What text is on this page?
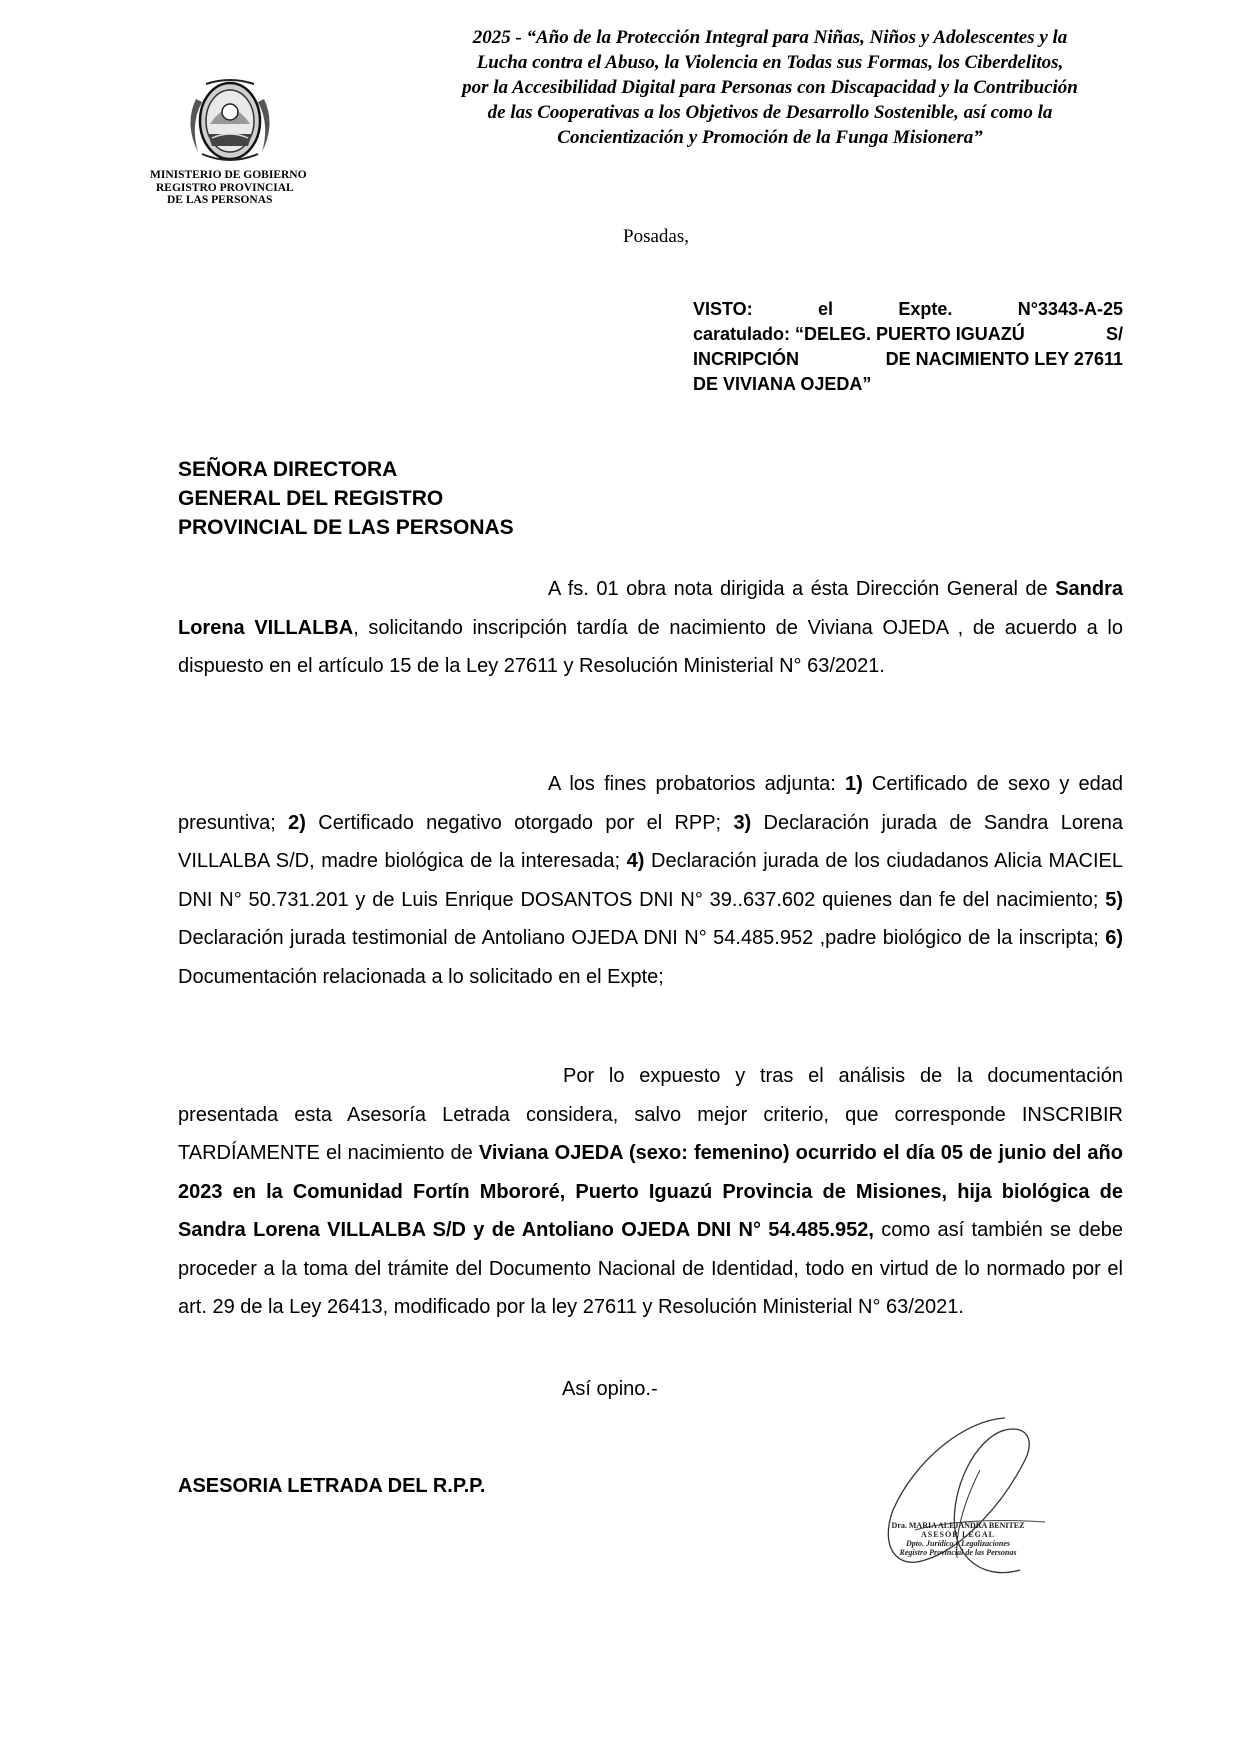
MINISTERIO DE GOBIERNO
REGISTRO PROVINCIAL
DE LAS PERSONAS
2025 - “Año de la Protección Integral para Niñas, Niños y Adolescentes y la
Lucha contra el Abuso, la Violencia en Todas sus Formas, los Ciberdelitos,
por la Accesibilidad Digital para Personas con Discapacidad y la Contribución
de las Cooperativas a los Objetivos de Desarrollo Sostenible, así como la
Concientización y Promoción de la Funga Misionera”
Posadas,
VISTO:	el	Expte.	N°3343-A-25
caratulado: “DELEG. PUERTO IGUAZÚ	S/
INCRIPCIÓN	DE NACIMIENTO LEY 27611
DE VIVIANA OJEDA”
SEÑORA DIRECTORA
GENERAL DEL REGISTRO
PROVINCIAL DE LAS PERSONAS
A fs. 01 obra nota dirigida a ésta Dirección General de Sandra Lorena VILLALBA, solicitando inscripción tardía de nacimiento de Viviana OJEDA , de acuerdo a lo dispuesto en el artículo 15 de la Ley 27611 y Resolución Ministerial N° 63/2021.
A los fines probatorios adjunta: 1) Certificado de sexo y edad presuntiva; 2) Certificado negativo otorgado por el RPP; 3) Declaración jurada de Sandra Lorena VILLALBA S/D, madre biológica de la interesada; 4) Declaración jurada de los ciudadanos Alicia MACIEL DNI N° 50.731.201 y de Luis Enrique DOSANTOS DNI N° 39..637.602 quienes dan fe del nacimiento; 5) Declaración jurada testimonial de Antoliano OJEDA DNI N° 54.485.952 ,padre biológico de la inscripta; 6) Documentación relacionada a lo solicitado en el Expte;
Por lo expuesto y tras el análisis de la documentación presentada esta Asesoría Letrada considera, salvo mejor criterio, que corresponde INSCRIBIR TARDÍAMENTE el nacimiento de Viviana OJEDA (sexo: femenino) ocurrido el día 05 de junio del año 2023 en la Comunidad Fortín Mbororé, Puerto Iguazú Provincia de Misiones, hija biológica de Sandra Lorena VILLALBA S/D y de Antoliano OJEDA DNI N° 54.485.952, como así también se debe proceder a la toma del trámite del Documento Nacional de Identidad, todo en virtud de lo normado por el art. 29 de la Ley 26413, modificado por la ley 27611 y Resolución Ministerial N° 63/2021.
Así opino.-
ASESORIA LETRADA DEL R.P.P.
Dra. MARIA ALEJANDRA BENITEZ
ASESOR LEGAL
Dpto. Jurídico y Legalizaciones
Registro Provincial de las Personas
